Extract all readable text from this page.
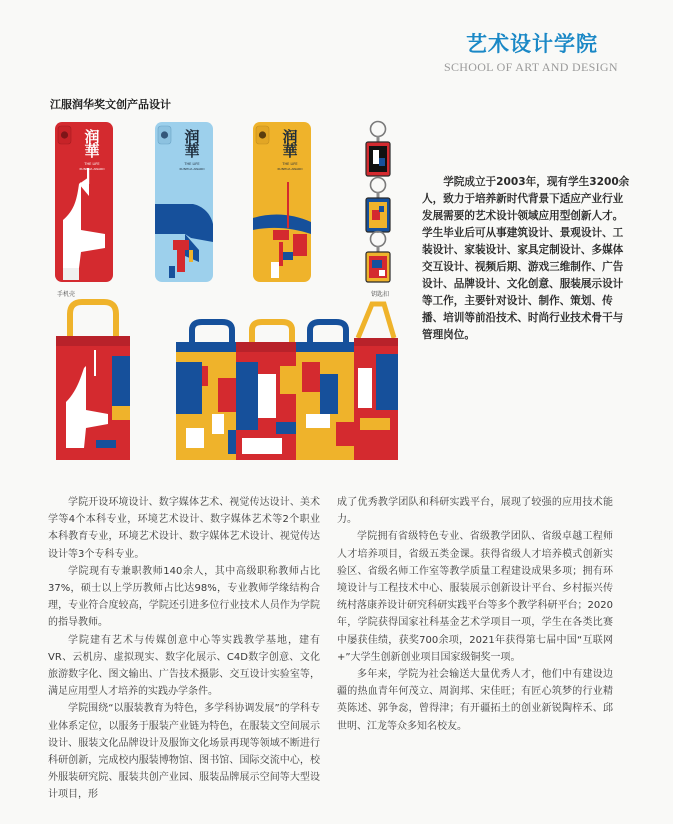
艺术设计学院
SCHOOL OF ART AND DESIGN
江服润华奖文创产品设计
润
華
THE LIFE
RUNHUA AWARD
润
華
THE LIFE
RUNHUA AWARD
润
華
THE LIFE
RUNHUA AWARD
手机壳	钥匙扣
学院成立于2003年，现有学生3200余人，致力于培养新时代背景下适应产业行业发展需要的艺术设计领域应用型创新人才。学生毕业后可从事建筑设计、景观设计、工装设计、家装设计、家具定制设计、多媒体交互设计、视频后期、游戏三维制作、广告设计、品牌设计、文化创意、服装展示设计等工作，主要针对设计、制作、策划、传播、培训等前沿技术、时尚行业技术骨干与管理岗位。

学院开设环境设计、数字媒体艺术、视觉传达设计、美术学等4个本科专业，环境艺术设计、数字媒体艺术等2个职业本科教育专业，环境艺术设计、数字媒体艺术设计、视觉传达设计等3个专科专业。

学院现有专兼职教师140余人，其中高级职称教师占比37%，硕士以上学历教师占比达98%，专业教师学缘结构合理，专业符合度较高，学院还引进多位行业技术人员作为学院的指导教师。

学院建有艺术与传媒创意中心等实践教学基地，建有VR、云机房、虚拟现实、数字化展示、C4D数字创意、文化旅游数字化、图文输出、广告技术摄影、交互设计实验室等，满足应用型人才培养的实践办学条件。

学院围绕“以服装教育为特色，多学科协调发展”的学科专业体系定位，以服务于服装产业链为特色，在服装文空间展示设计、服装文化品牌设计及服饰文化场景再现等领域不断进行科研创新，完成校内服装博物馆、图书馆、国际交流中心，校外服装研究院、服装共创产业园、服装品牌展示空间等大型设计项目，形

成了优秀教学团队和科研实践平台，展现了较强的应用技术能力。

学院拥有省级特色专业、省级教学团队、省级卓越工程师人才培养项目，省级五类金课。获得省级人才培养模式创新实验区、省级名师工作室等教学质量工程建设成果多项；拥有环境设计与工程技术中心、服装展示创新设计平台、乡村振兴传统村落康养设计研究科研实践平台等多个教学科研平台；2020年，学院获得国家社科基金艺术学项目一项，学生在各类比赛中屡获佳绩，获奖700余项，2021年获得第七届中国“互联网+”大学生创新创业项目国家级铜奖一项。

多年来，学院为社会输送大量优秀人才，他们中有建设边疆的热血青年何茂立、周润邦、宋佳旺；有匠心筑梦的行业精英陈述、郭争惢，曾得津；有开疆拓土的创业新锐陶梓禾、邱世明、江龙等众多知名校友。
